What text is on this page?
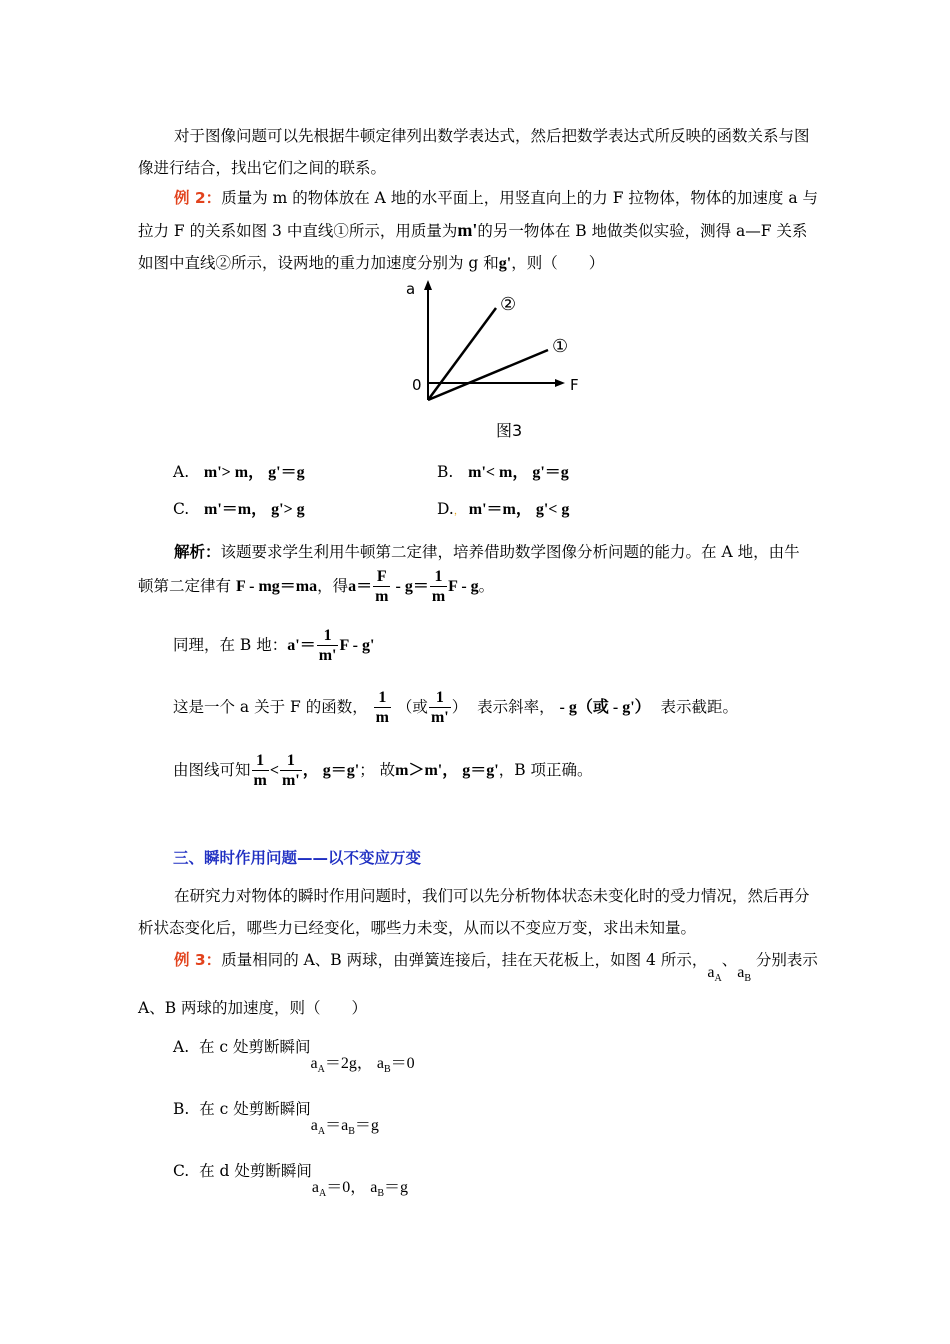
对于图像问题可以先根据牛顿定律列出数学表达式，然后把数学表达式所反映的函数关系与图像进行结合，找出它们之间的联系。
例 2：质量为 m 的物体放在 A 地的水平面上，用竖直向上的力 F 拉物体，物体的加速度 a 与拉力 F 的关系如图 3 中直线①所示，用质量为m'的另一物体在 B 地做类似实验，测得 a—F 关系如图中直线②所示，设两地的重力加速度分别为 g 和g'，则（　　）
a
F
0
②
①
图3
A. m'> m， g'＝g	B. m'< m， g'＝g
C. m'＝m， g'> g	D.， m'＝m， g'< g
解析：该题要求学生利用牛顿第二定律，培养借助数学图像分析问题的能力。在 A 地，由牛
顿第二定律有 F - mg＝ma，得$a= \frac{F}{m} - g= \frac{1}{m}$ F - g。
同理，在 B 地：$a'= \frac{1}{m'}$ F - g'
这是一个 a 关于 F 的函数， $\frac{1}{m}$ （或 $\frac{1}{m'}$ ） 表示斜率， - g（或 - g'） 表示截距。
由图线可知 $\frac{1}{m} < \frac{1}{m'}$ ， g＝g'； 故m＞m'， g＝g'，B 项正确。
三、瞬时作用问题——以不变应万变
在研究力对物体的瞬时作用问题时，我们可以先分析物体状态未变化时的受力情况，然后再分析状态变化后，哪些力已经变化，哪些力未变，从而以不变应万变，求出未知量。
例 3：质量相同的 A、B 两球，由弹簧连接后，挂在天花板上，如图 4 所示，$a_A$、$a_B$ 分别表示
A、B 两球的加速度，则（　　）
A. 在 c 处剪断瞬间$a_A=2g$， $a_B=0$
B. 在 c 处剪断瞬间$a_A=a_B=g$
C. 在 d 处剪断瞬间$a_A=0$， $a_B=g$
